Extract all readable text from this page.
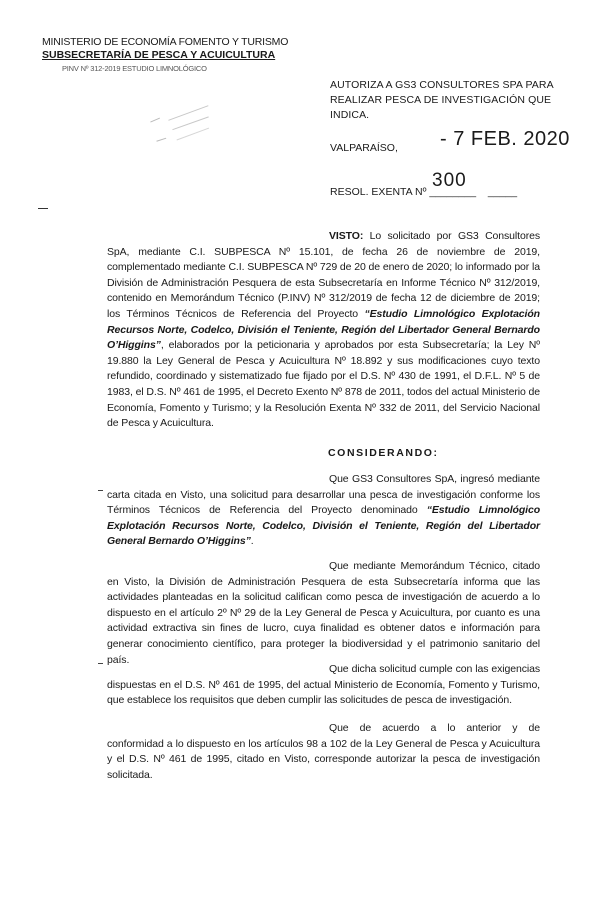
MINISTERIO DE ECONOMÍA FOMENTO Y TURISMO
SUBSECRETARÍA DE PESCA Y ACUICULTURA
PINV Nº 312-2019 ESTUDIO LIMNOLÓGICO
AUTORIZA A GS3 CONSULTORES SPA PARA REALIZAR PESCA DE INVESTIGACIÓN QUE INDICA.
VALPARAÍSO, - 7 FEB. 2020
RESOL. EXENTA Nº ________ _____
300
VISTO: Lo solicitado por GS3 Consultores SpA, mediante C.I. SUBPESCA Nº 15.101, de fecha 26 de noviembre de 2019, complementado mediante C.I. SUBPESCA Nº 729 de 20 de enero de 2020; lo informado por la División de Administración Pesquera de esta Subsecretaría en Informe Técnico Nº 312/2019, contenido en Memorándum Técnico (P.INV) Nº 312/2019 de fecha 12 de diciembre de 2019; los Términos Técnicos de Referencia del Proyecto “Estudio Limnológico Explotación Recursos Norte, Codelco, División el Teniente, Región del Libertador General Bernardo O’Higgins”, elaborados por la peticionaria y aprobados por esta Subsecretaría; la Ley Nº 19.880 la Ley General de Pesca y Acuicultura Nº 18.892 y sus modificaciones cuyo texto refundido, coordinado y sistematizado fue fijado por el D.S. Nº 430 de 1991, el D.F.L. Nº 5 de 1983, el D.S. Nº 461 de 1995, el Decreto Exento Nº 878 de 2011, todos del actual Ministerio de Economía, Fomento y Turismo; y la Resolución Exenta Nº 332 de 2011, del Servicio Nacional de Pesca y Acuicultura.
CONSIDERANDO:
Que GS3 Consultores SpA, ingresó mediante carta citada en Visto, una solicitud para desarrollar una pesca de investigación conforme los Términos Técnicos de Referencia del Proyecto denominado “Estudio Limnológico Explotación Recursos Norte, Codelco, División el Teniente, Región del Libertador General Bernardo O’Higgins”.
Que mediante Memorándum Técnico, citado en Visto, la División de Administración Pesquera de esta Subsecretaría informa que las actividades planteadas en la solicitud califican como pesca de investigación de acuerdo a lo dispuesto en el artículo 2º Nº 29 de la Ley General de Pesca y Acuicultura, por cuanto es una actividad extractiva sin fines de lucro, cuya finalidad es obtener datos e información para generar conocimiento científico, para proteger la biodiversidad y el patrimonio sanitario del país.
Que dicha solicitud cumple con las exigencias dispuestas en el D.S. Nº 461 de 1995, del actual Ministerio de Economía, Fomento y Turismo, que establece los requisitos que deben cumplir las solicitudes de pesca de investigación.
Que de acuerdo a lo anterior y de conformidad a lo dispuesto en los artículos 98 a 102 de la Ley General de Pesca y Acuicultura y el D.S. Nº 461 de 1995, citado en Visto, corresponde autorizar la pesca de investigación solicitada.
